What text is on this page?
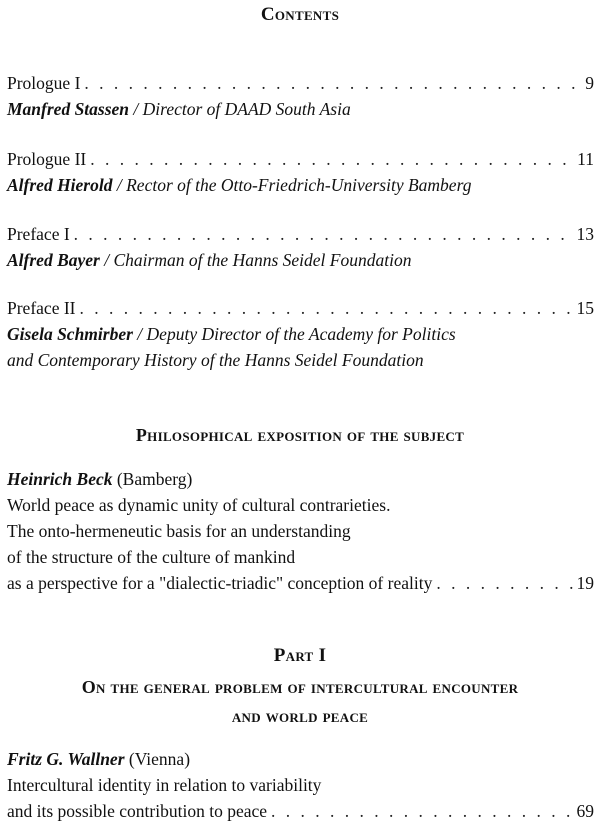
Contents
Prologue I . . .	9
Manfred Stassen / Director of DAAD South Asia
Prologue II . . .	11
Alfred Hierold / Rector of the Otto-Friedrich-University Bamberg
Preface I . . .	13
Alfred Bayer / Chairman of the Hanns Seidel Foundation
Preface II . . .	15
Gisela Schmirber / Deputy Director of the Academy for Politics
and Contemporary History of the Hanns Seidel Foundation
Philosophical exposition of the subject
Heinrich Beck (Bamberg)
World peace as dynamic unity of cultural contrarieties.
The onto-hermeneutic basis for an understanding
of the structure of the culture of mankind
as a perspective for a "dialectic-triadic" conception of reality . . .	19
Part I
On the general problem of intercultural encounter
and world peace
Fritz G. Wallner (Vienna)
Intercultural identity in relation to variability
and its possible contribution to peace . . .	69
